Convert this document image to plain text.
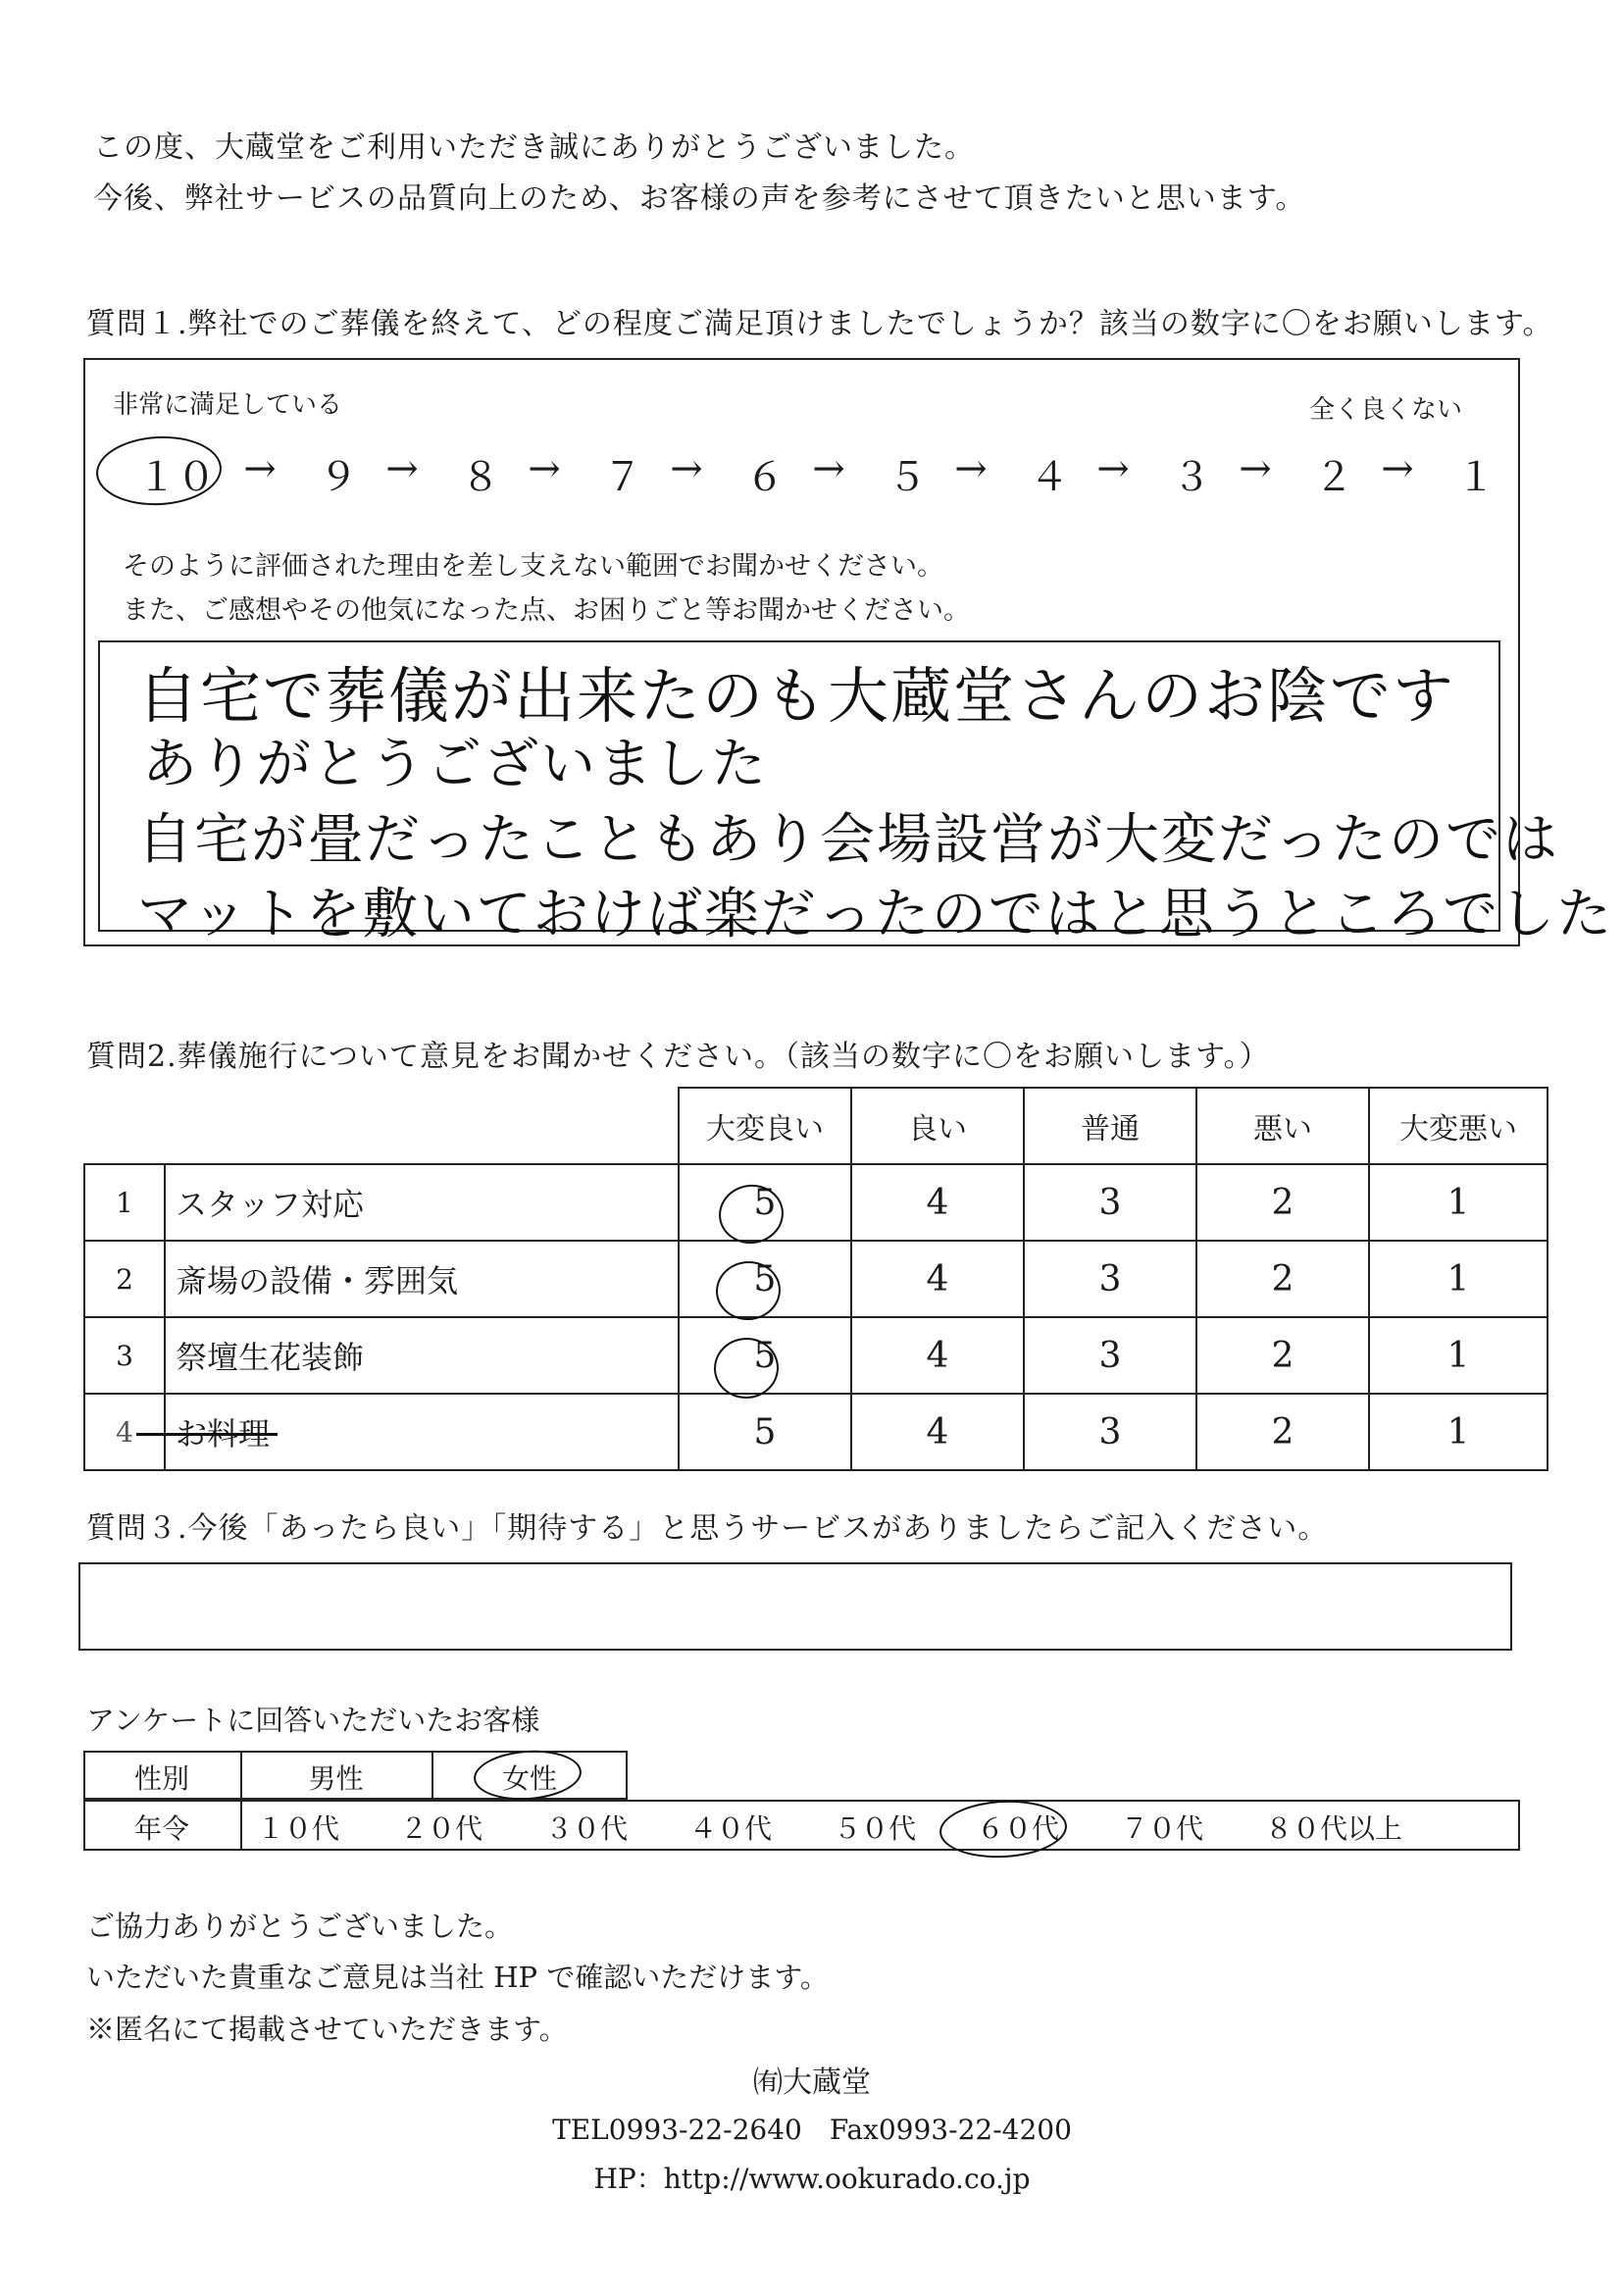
この度、大蔵堂をご利用いただき誠にありがとうございました。
今後、弊社サービスの品質向上のため、お客様の声を参考にさせて頂きたいと思います。
質問１.弊社でのご葬儀を終えて、どの程度ご満足頂けましたでしょうか？該当の数字に〇をお願いします。
非常に満足している	全く良くない
１０ →	９ →	８ →	７ →	６ →	５ →	４ →	３ →	２ →	１
そのように評価された理由を差し支えない範囲でお聞かせください。
また、ご感想やその他気になった点、お困りごと等お聞かせください。
自宅で葬儀が出来たのも大蔵堂さんのお陰です
ありがとうございました
自宅が畳だったこともあり会場設営が大変だったのでは
マットを敷いておけば楽だったのではと思うところでした
質問2.葬儀施行について意見をお聞かせください。（該当の数字に〇をお願いします。）
		大変良い	良い	普通	悪い	大変悪い
1	スタッフ対応	5	4	3	2	1
2	斎場の設備・雰囲気	5	4	3	2	1
3	祭壇生花装飾	5	4	3	2	1
4	お料理	5	4	3	2	1
質問３.今後「あったら良い」「期待する」と思うサービスがありましたらご記入ください。
アンケートに回答いただいたお客様
性別	男性	女性
年令	１０代 ２０代 ３０代 ４０代 ５０代 ６０代 ７０代 ８０代以上
ご協力ありがとうございました。
いただいた貴重なご意見は当社 HP で確認いただけます。
※匿名にて掲載させていただきます。
㈲大蔵堂
TEL0993-22-2640　Fax0993-22-4200
HP：http://www.ookurado.co.jp
